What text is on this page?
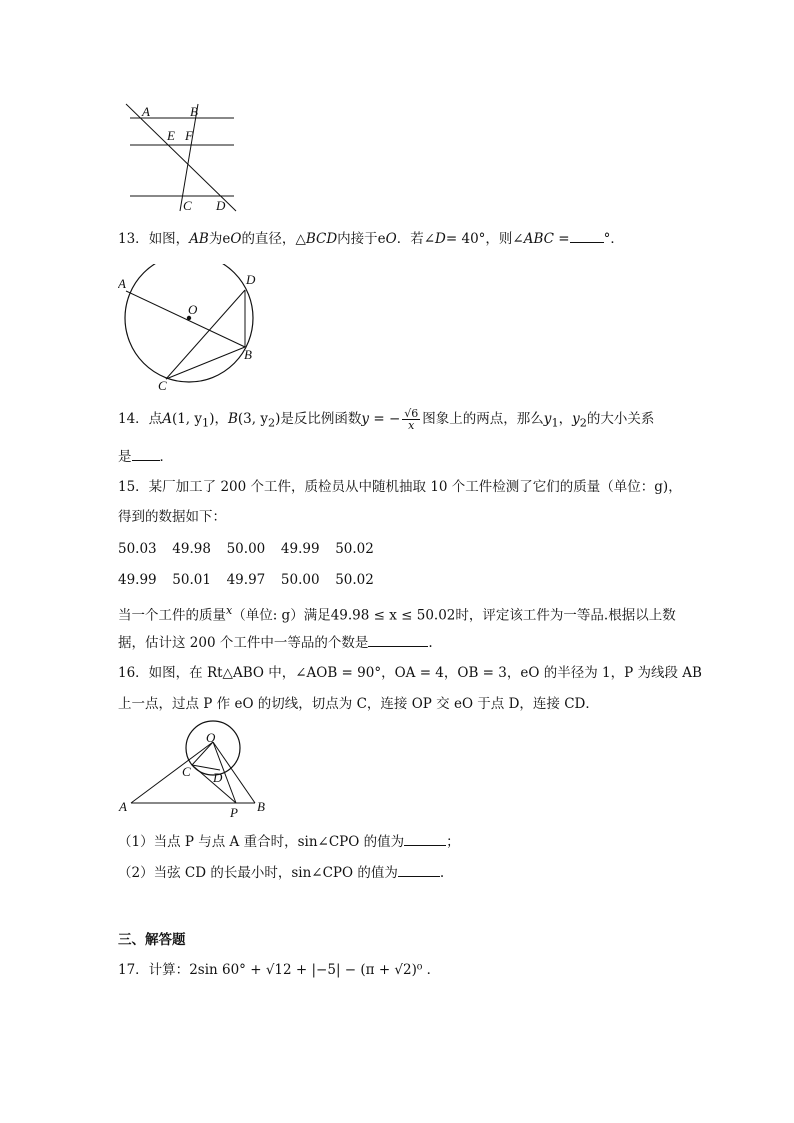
A	B
E F
C D
13．如图，AB为eO的直径，△BCD内接于eO．若∠D= 40°，则∠ABC =	°．
A
O
D
B
C
14．点A(1, $y_1$)，B(3, $y_2$)是反比例函数y = − $\frac{√6}{x}$ 图象上的两点，那么$y_1$，$y_2$的大小关系
是 ．
15．某厂加工了 200 个工件，质检员从中随机抽取 10 个工件检测了它们的质量（单位：g)，
得到的数据如下：
50.03 49.98 50.00 49.99 50.02
49.99 50.01 49.97 50.00 50.02
当一个工件的质量$^x$（单位: g）满足49.98 ≤ x ≤ 50.02时，评定该工件为一等品.根据以上数
据，估计这 200 个工件中一等品的个数是	.
16．如图，在 Rt△ABO 中，∠AOB = 90°，OA = 4，OB = 3，eO 的半径为 1，P 为线段 AB
上一点，过点 P 作 eO 的切线，切点为 C，连接 OP 交 eO 于点 D，连接 CD．
O
C D
A	P B
（1）当点 P 与点 A 重合时，sin∠CPO 的值为	；
（2）当弦 CD 的长最小时，sin∠CPO 的值为	.
三、解答题
17．计算：2sin 60° + √12 + |−5| − (π + √2)⁰ ．
